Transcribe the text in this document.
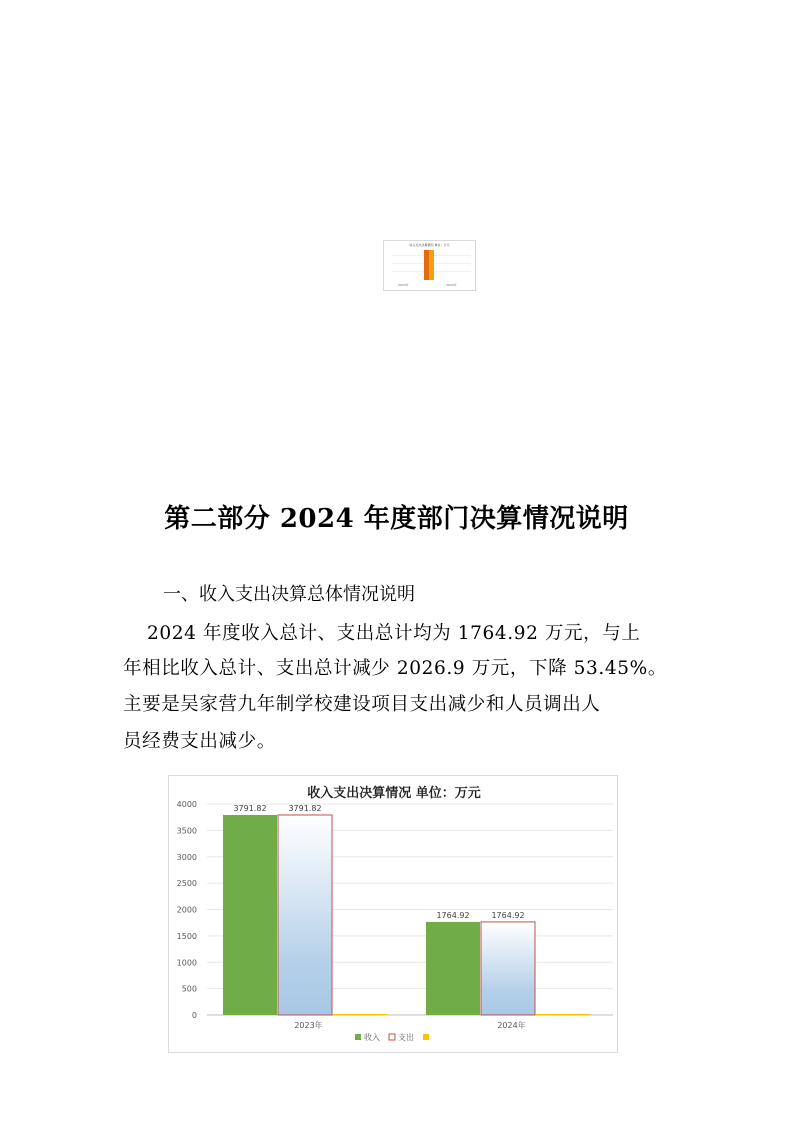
收入支出决算情况 单位：万元
2023年	2024年
第二部分 2024 年度部门决算情况说明
一、收入支出决算总体情况说明
2024 年度收入总计、支出总计均为 1764.92 万元，与上
年相比收入总计、支出总计减少 2026.9 万元，下降 53.45%。
主要是吴家营九年制学校建设项目支出减少和人员调出人
员经费支出减少。
收入支出决算情况 单位：万元
0
500
1000
1500
2000
2500
3000
3500
4000	3791.82	3791.82
2023年
1764.92	1764.92
2024年
收入 支出
